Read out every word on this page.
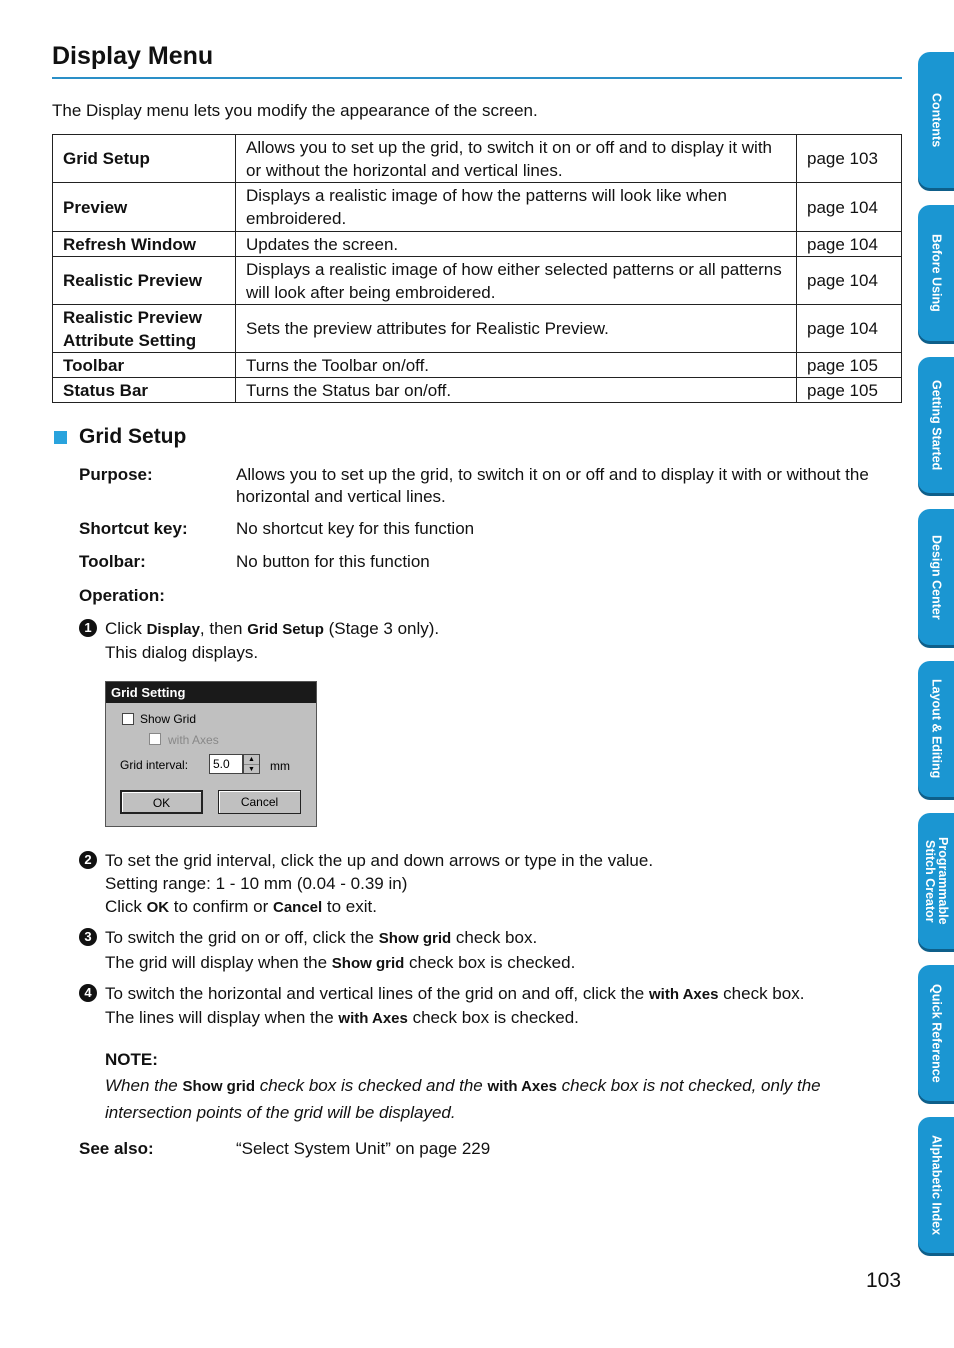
Display Menu
The Display menu lets you modify the appearance of the screen.
Grid Setup	Allows you to set up the grid, to switch it on or off and to display it with or without the horizontal and vertical lines.	page 103
Preview	Displays a realistic image of how the patterns will look like when embroidered.	page 104
Refresh Window	Updates the screen.	page 104
Realistic Preview	Displays a realistic image of how either selected patterns or all patterns will look after being embroidered.	page 104
Realistic Preview Attribute Setting	Sets the preview attributes for Realistic Preview.	page 104
Toolbar	Turns the Toolbar on/off.	page 105
Status Bar	Turns the Status bar on/off.	page 105
Grid Setup
Purpose:	Allows you to set up the grid, to switch it on or off and to display it with or without the horizontal and vertical lines.
Shortcut key:	No shortcut key for this function
Toolbar:	No button for this function
Operation:
1 Click Display, then Grid Setup (Stage 3 only).
This dialog displays.
Grid Setting
Show Grid
with Axes
Grid interval:	5.0	▲
▼	mm
OK	Cancel
2 To set the grid interval, click the up and down arrows or type in the value.
Setting range: 1 - 10 mm (0.04 - 0.39 in)
Click OK to confirm or Cancel to exit.
3 To switch the grid on or off, click the Show grid check box.
The grid will display when the Show grid check box is checked.
4 To switch the horizontal and vertical lines of the grid on and off, click the with Axes check box.
The lines will display when the with Axes check box is checked.
NOTE:
When the Show grid check box is checked and the with Axes check box is not checked, only the intersection points of the grid will be displayed.
See also:	“Select System Unit” on page 229
103
Contents
Before Using
Getting Started
Design Center
Layout & Editing
Programmable
Stitch Creator
Quick Reference
Alphabetic Index
